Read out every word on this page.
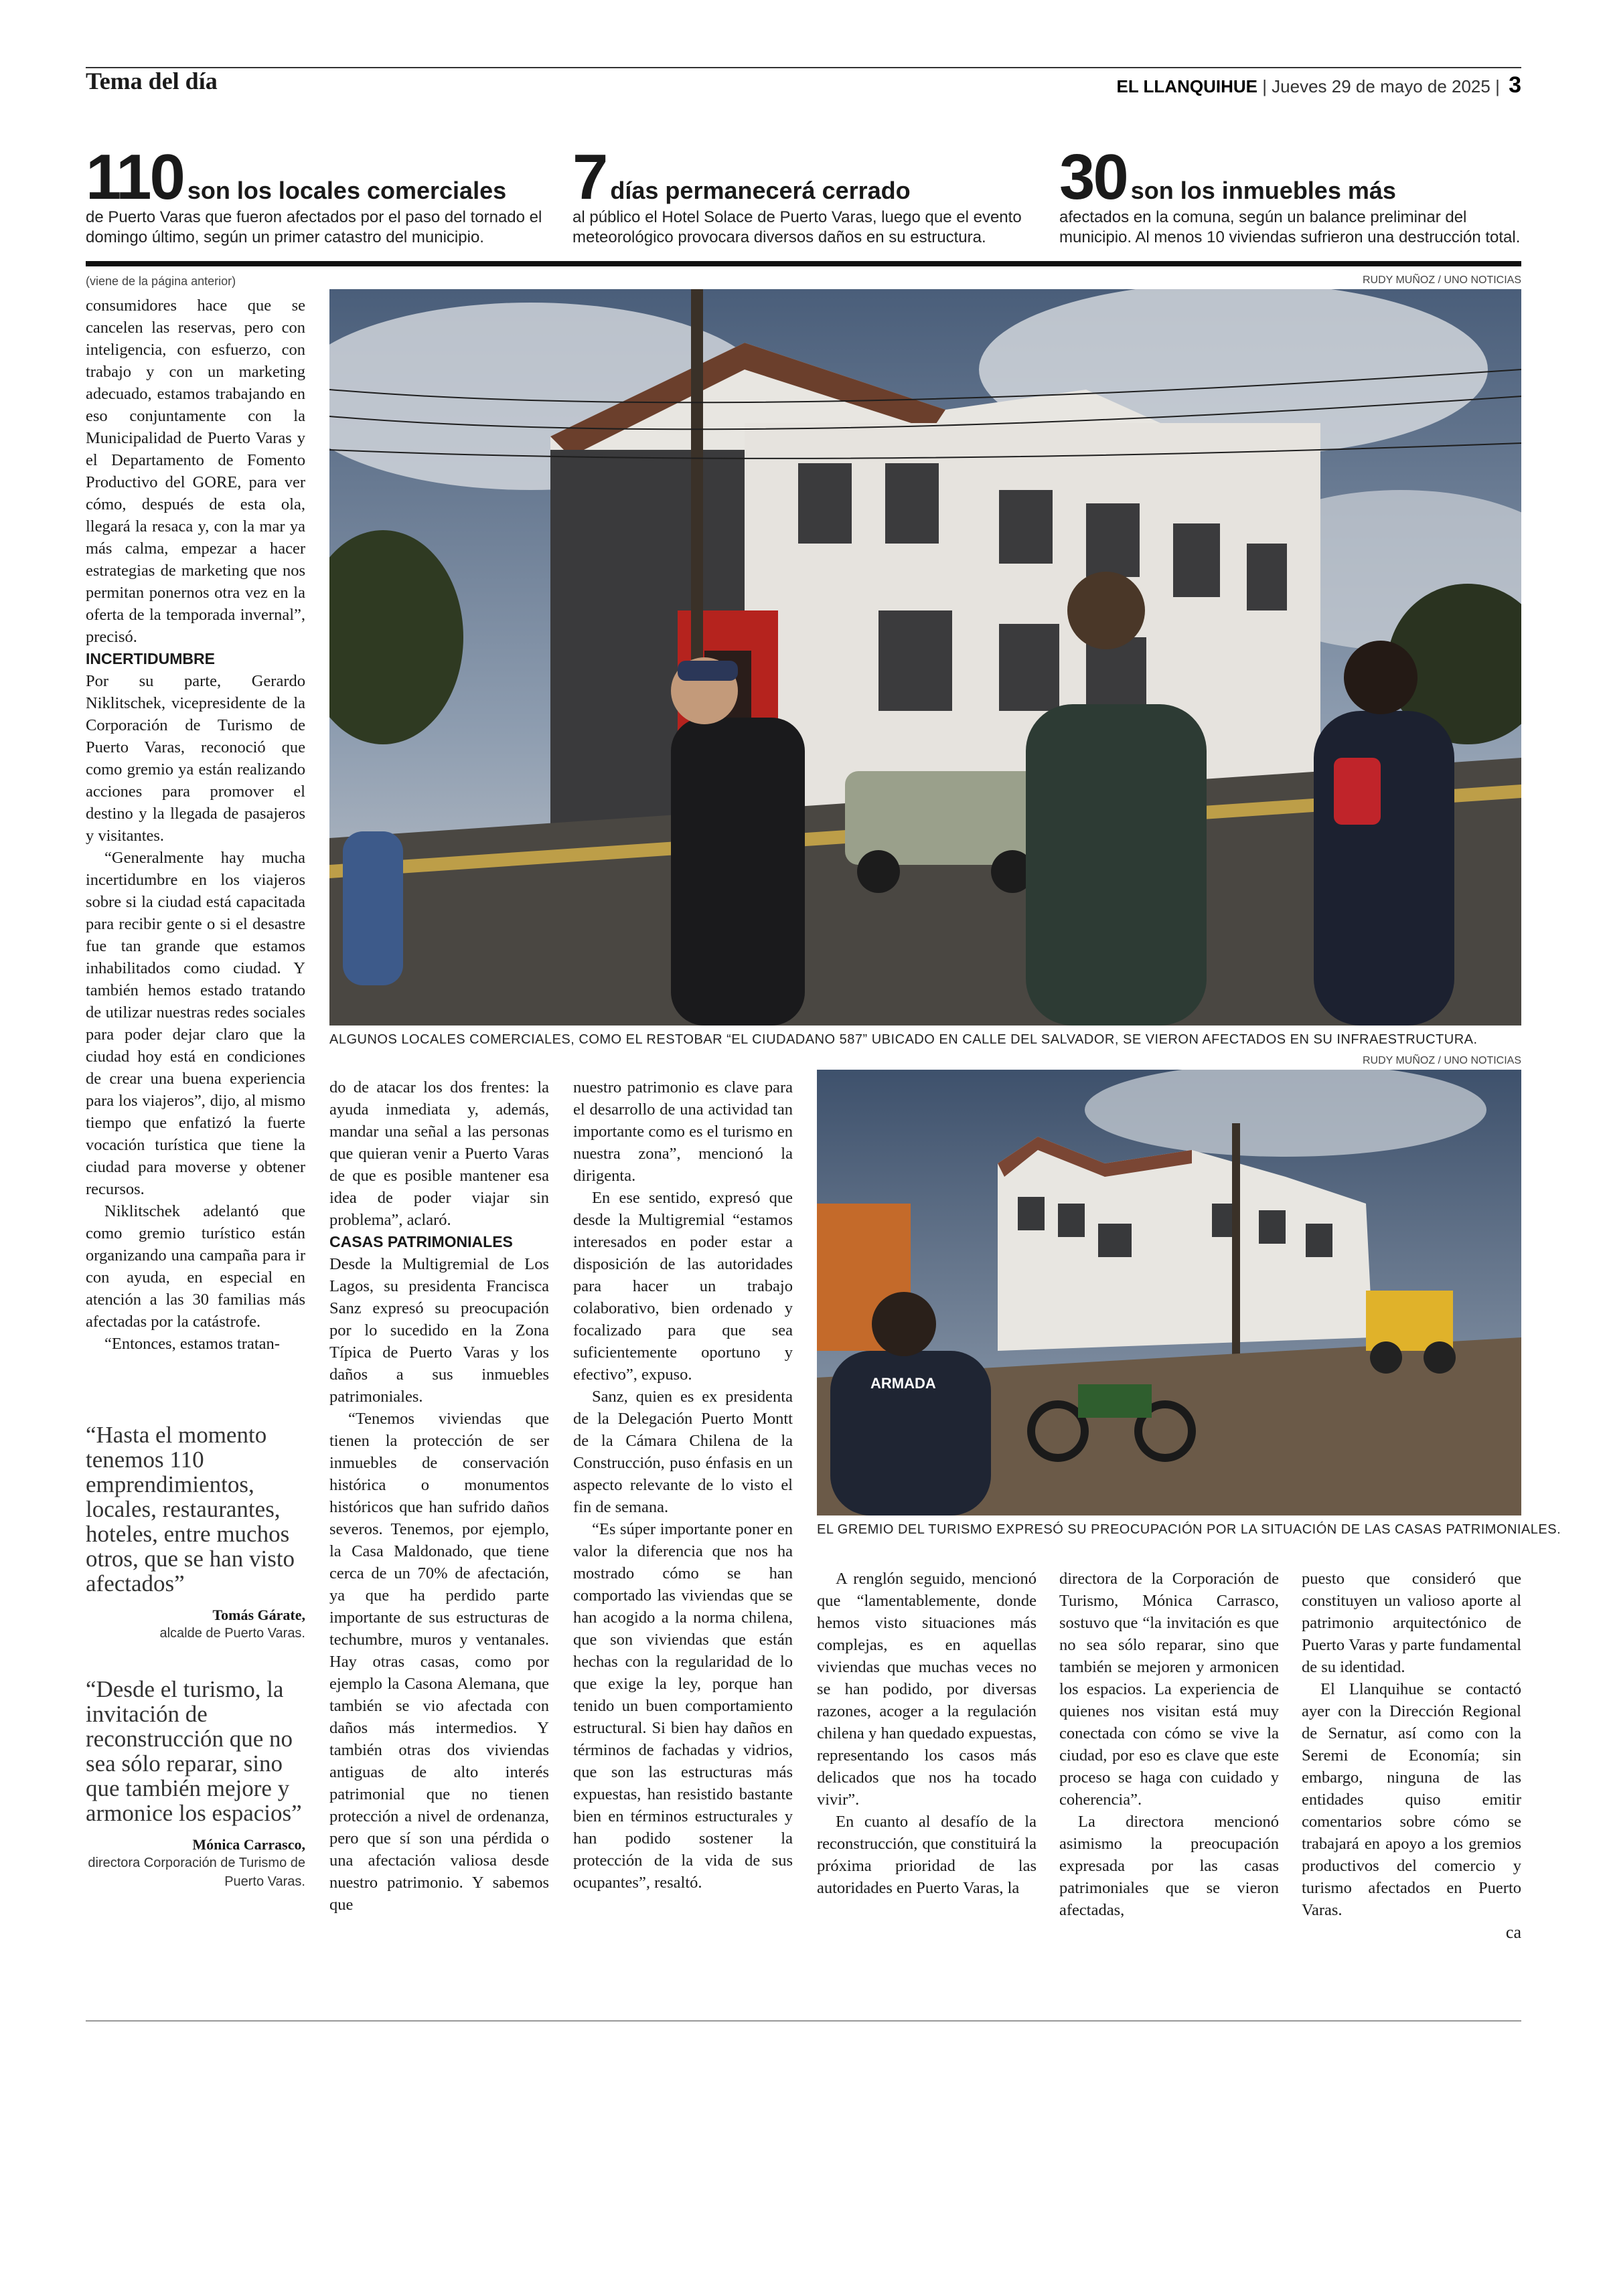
Tema del día	EL LLANQUIHUE | Jueves 29 de mayo de 2025 | 3
110 son los locales comerciales
de Puerto Varas que fueron afectados por el paso del tornado el domingo último, según un primer catastro del municipio.
7 días permanecerá cerrado
al público el Hotel Solace de Puerto Varas, luego que el evento meteorológico provocara diversos daños en su estructura.
30 son los inmuebles más
afectados en la comuna, según un balance preliminar del municipio. Al menos 10 viviendas sufrieron una destrucción total.
RUDY MUÑOZ / UNO NOTICIAS
ALGUNOS LOCALES COMERCIALES, COMO EL RESTOBAR “EL CIUDADANO 587” UBICADO EN CALLE DEL SALVADOR, SE VIERON AFECTADOS EN SU INFRAESTRUCTURA.
RUDY MUÑOZ / UNO NOTICIAS
ARMADA
EL GREMIO DEL TURISMO EXPRESÓ SU PREOCUPACIÓN POR LA SITUACIÓN DE LAS CASAS PATRIMONIALES.
(viene de la página anterior)

consumidores hace que se cancelen las reservas, pero con inteligencia, con esfuerzo, con trabajo y con un marketing adecuado, estamos trabajando en eso conjuntamente con la Municipalidad de Puerto Varas y el Departamento de Fomento Productivo del GORE, para ver cómo, después de esta ola, llegará la resaca y, con la mar ya más calma, empezar a hacer estrategias de marketing que nos permitan ponernos otra vez en la oferta de la temporada invernal”, precisó.

INCERTIDUMBRE

Por su parte, Gerardo Niklitschek, vicepresidente de la Corporación de Turismo de Puerto Varas, reconoció que como gremio ya están realizando acciones para promover el destino y la llegada de pasajeros y visitantes.

“Generalmente hay mucha incertidumbre en los viajeros sobre si la ciudad está capacitada para recibir gente o si el desastre fue tan grande que estamos inhabilitados como ciudad. Y también hemos estado tratando de utilizar nuestras redes sociales para poder dejar claro que la ciudad hoy está en condiciones de crear una buena experiencia para los viajeros”, dijo, al mismo tiempo que enfatizó la fuerte vocación turística que tiene la ciudad para moverse y obtener recursos.

Niklitschek adelantó que como gremio turístico están organizando una campaña para ir con ayuda, en especial en atención a las 30 familias más afectadas por la catástrofe.

“Entonces, estamos tratan-

“Hasta el momento tenemos 110 emprendimientos, locales, restaurantes, hoteles, entre muchos otros, que se han visto afectados”
Tomás Gárate,
alcalde de Puerto Varas.
“Desde el turismo, la invitación de reconstrucción que no sea sólo reparar, sino que también mejore y armonice los espacios”
Mónica Carrasco,
directora Corporación de Turismo de Puerto Varas.

do de atacar los dos frentes: la ayuda inmediata y, además, mandar una señal a las personas que quieran venir a Puerto Varas de que es posible mantener esa idea de poder viajar sin problema”, aclaró.

CASAS PATRIMONIALES

Desde la Multigremial de Los Lagos, su presidenta Francisca Sanz expresó su preocupación por lo sucedido en la Zona Típica de Puerto Varas y los daños a sus inmuebles patrimoniales.

“Tenemos viviendas que tienen la protección de ser inmuebles de conservación histórica o monumentos históricos que han sufrido daños severos. Tenemos, por ejemplo, la Casa Maldonado, que tiene cerca de un 70% de afectación, ya que ha perdido parte importante de sus estructuras de techumbre, muros y ventanales. Hay otras casas, como por ejemplo la Casona Alemana, que también se vio afectada con daños más intermedios. Y también otras dos viviendas antiguas de alto interés patrimonial que no tienen protección a nivel de ordenanza, pero que sí son una pérdida o una afectación valiosa desde nuestro patrimonio. Y sabemos que

nuestro patrimonio es clave para el desarrollo de una actividad tan importante como es el turismo en nuestra zona”, mencionó la dirigenta.

En ese sentido, expresó que desde la Multigremial “estamos interesados en poder estar a disposición de las autoridades para hacer un trabajo colaborativo, bien ordenado y focalizado para que sea suficientemente oportuno y efectivo”, expuso.

Sanz, quien es ex presidenta de la Delegación Puerto Montt de la Cámara Chilena de la Construcción, puso énfasis en un aspecto relevante de lo visto el fin de semana.

“Es súper importante poner en valor la diferencia que nos ha mostrado cómo se han comportado las viviendas que se han acogido a la norma chilena, que son viviendas que están hechas con la regularidad de lo que exige la ley, porque han tenido un buen comportamiento estructural. Si bien hay daños en términos de fachadas y vidrios, que son las estructuras más expuestas, han resistido bastante bien en términos estructurales y han podido sostener la protección de la vida de sus ocupantes”, resaltó.

A renglón seguido, mencionó que “lamentablemente, donde hemos visto situaciones más complejas, es en aquellas viviendas que muchas veces no se han podido, por diversas razones, acoger a la regulación chilena y han quedado expuestas, representando los casos más delicados que nos ha tocado vivir”.

En cuanto al desafío de la reconstrucción, que constituirá la próxima prioridad de las autoridades en Puerto Varas, la

directora de la Corporación de Turismo, Mónica Carrasco, sostuvo que “la invitación es que no sea sólo reparar, sino que también se mejoren y armonicen los espacios. La experiencia de quienes nos visitan está muy conectada con cómo se vive la ciudad, por eso es clave que este proceso se haga con cuidado y coherencia”.

La directora mencionó asimismo la preocupación expresada por las casas patrimoniales que se vieron afectadas,

puesto que consideró que constituyen un valioso aporte al patrimonio arquitectónico de Puerto Varas y parte fundamental de su identidad.

El Llanquihue se contactó ayer con la Dirección Regional de Sernatur, así como con la Seremi de Economía; sin embargo, ninguna de las entidades quiso emitir comentarios sobre cómo se trabajará en apoyo a los gremios productivos del comercio y turismo afectados en Puerto Varas.

ca
